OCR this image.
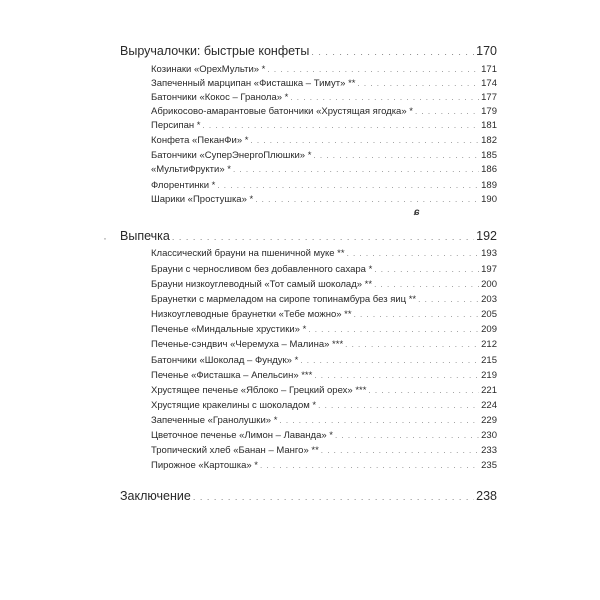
Выручалочки: быстрые конфеты . . .	170
Козинаки «ОрехМульти» * . . .	171
Запеченный марципан «Фисташка – Тимут» ** . . .	174
Батончики «Кокос – Гранола» * . . .	177
Абрикосово-амарантовые батончики «Хрустящая ягодка» * . . .	179
Персипан * . . .	181
Конфета «ПеканФи» * . . .	182
Батончики «СуперЭнергоПлюшки» * . . .	185
«МультиФрукти» * . . .	186
Флорентинки * . . .	189
Шарики «Простушка» * . . .	190
ɕ
· Выпечка . . .	192
Классический брауни на пшеничной муке ** . . .	193
Брауни с черносливом без добавленного сахара * . . .	197
Брауни низкоуглеводный «Тот самый шоколад» ** . . .	200
Браунетки с мармеладом на сиропе топинамбура без яиц ** . . .	203
Низкоуглеводные браунетки «Тебе можно» ** . . .	205
Печенье «Миндальные хрустики» * . . .	209
Печенье-сэндвич «Черемуха – Малина» *** . . .	212
Батончики «Шоколад – Фундук» * . . .	215
Печенье «Фисташка – Апельсин» *** . . .	219
Хрустящее печенье «Яблоко – Грецкий орех» *** . . .	221
Хрустящие кракелины с шоколадом * . . .	224
Запеченные «Гранолушки» * . . .	229
Цветочное печенье «Лимон – Лаванда» * . . .	230
Тропический хлеб «Банан – Манго» ** . . .	233
Пирожное «Картошка» * . . .	235
Заключение . . .	238
